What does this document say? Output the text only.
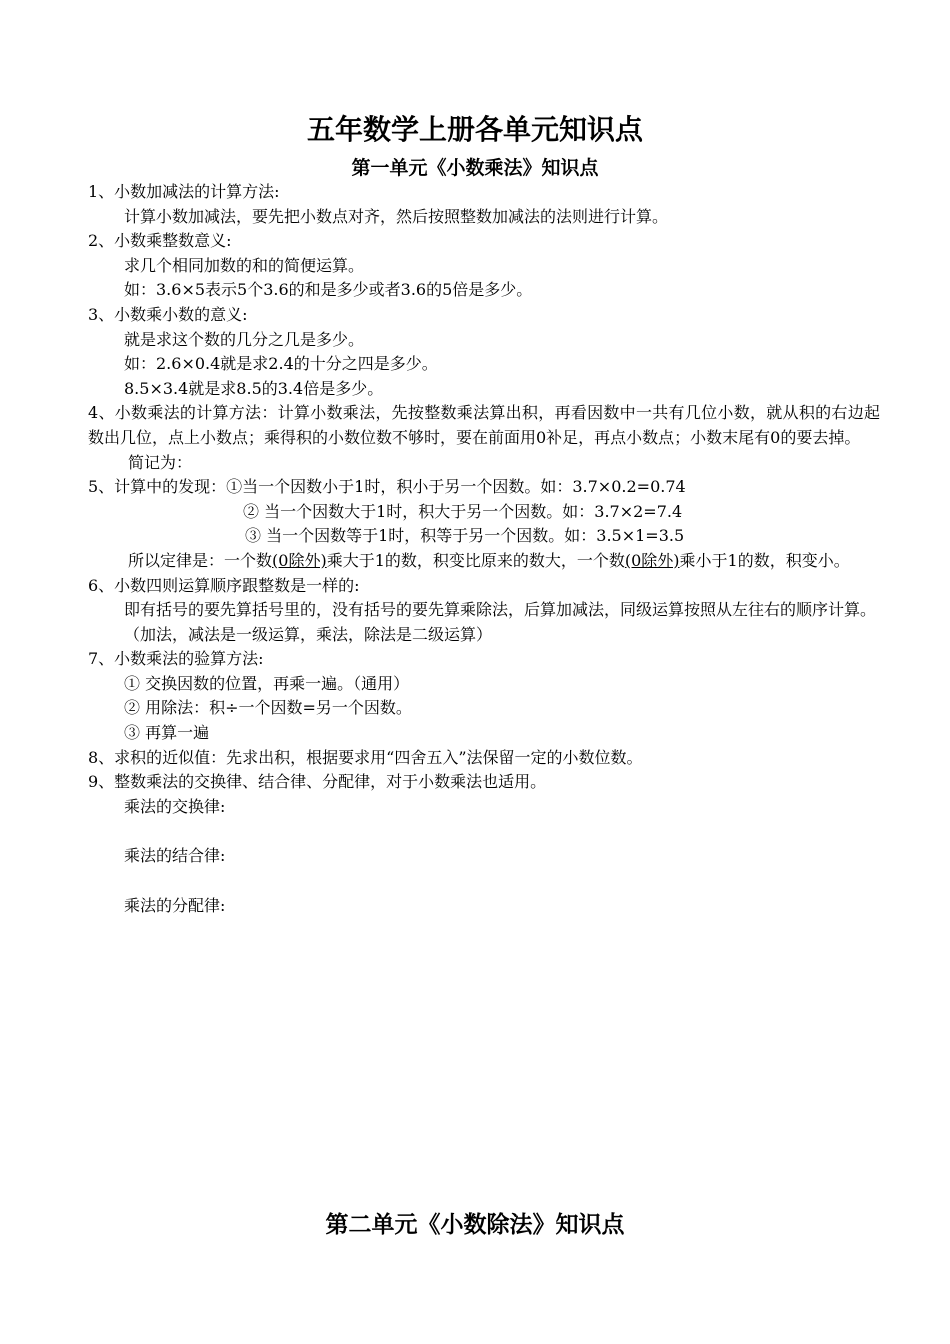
五年数学上册各单元知识点
第一单元《小数乘法》知识点
1、小数加减法的计算方法:
计算小数加减法，要先把小数点对齐，然后按照整数加减法的法则进行计算。
2、小数乘整数意义:
求几个相同加数的和的简便运算。
如：3.6×5表示5个3.6的和是多少或者3.6的5倍是多少。
3、小数乘小数的意义:
就是求这个数的几分之几是多少。
如：2.6×0.4就是求2.4的十分之四是多少。
8.5×3.4就是求8.5的3.4倍是多少。
4、小数乘法的计算方法：计算小数乘法，先按整数乘法算出积，再看因数中一共有几位小数，就从积的右边起数出几位，点上小数点；乘得积的小数位数不够时，要在前面用0补足，再点小数点；小数末尾有0的要去掉。
简记为：
5、计算中的发现：①当一个因数小于1时，积小于另一个因数。如：3.7×0.2=0.74
② 当一个因数大于1时，积大于另一个因数。如：3.7×2=7.4
③ 当一个因数等于1时，积等于另一个因数。如：3.5×1=3.5
所以定律是：一个数(0除外)乘大于1的数，积变比原来的数大，一个数(0除外)乘小于1的数，积变小。
6、小数四则运算顺序跟整数是一样的:
即有括号的要先算括号里的，没有括号的要先算乘除法，后算加减法，同级运算按照从左往右的顺序计算。
（加法，减法是一级运算，乘法，除法是二级运算）
7、小数乘法的验算方法:
① 交换因数的位置，再乘一遍。（通用）
② 用除法：积÷一个因数=另一个因数。
③ 再算一遍
8、求积的近似值：先求出积，根据要求用“四舍五入”法保留一定的小数位数。
9、整数乘法的交换律、结合律、分配律，对于小数乘法也适用。
乘法的交换律:
乘法的结合律:
乘法的分配律:
第二单元《小数除法》知识点
